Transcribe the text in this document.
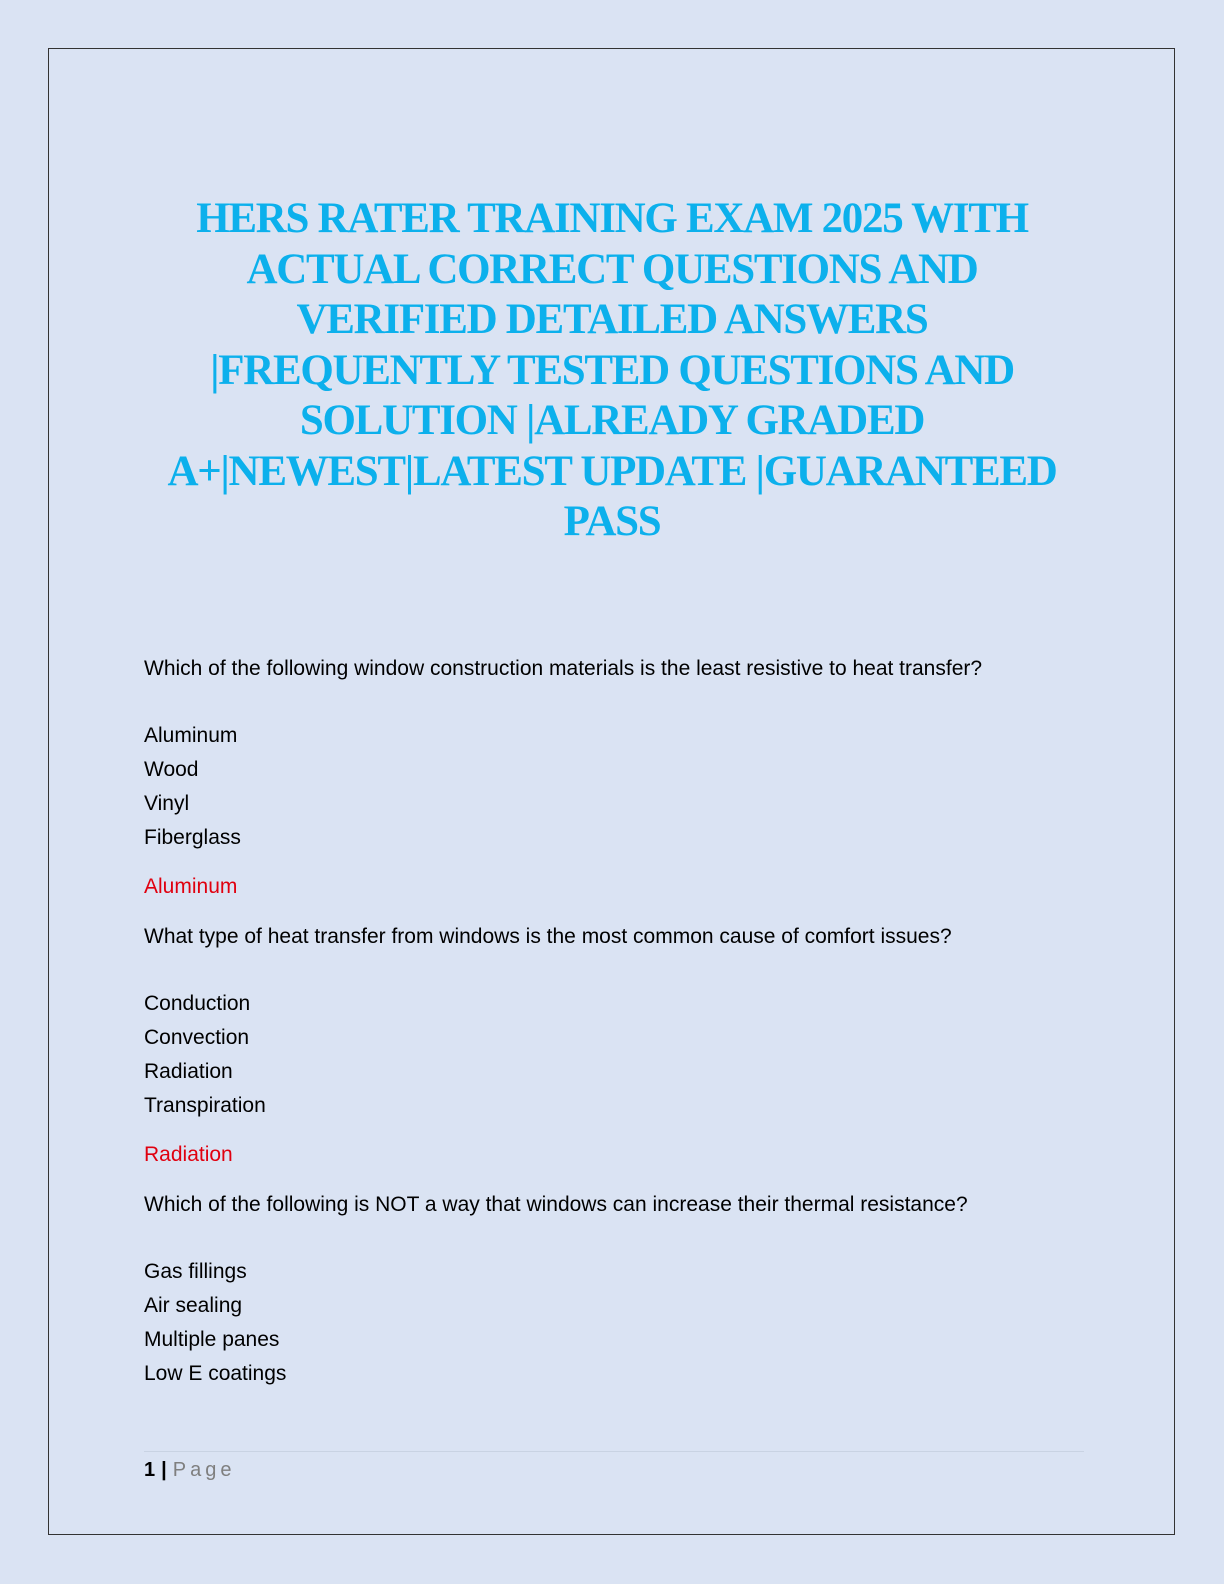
HERS RATER TRAINING EXAM 2025 WITH
ACTUAL CORRECT QUESTIONS AND
VERIFIED DETAILED ANSWERS
|FREQUENTLY TESTED QUESTIONS AND
SOLUTION |ALREADY GRADED
A+|NEWEST|LATEST UPDATE |GUARANTEED
PASS

Which of the following window construction materials is the least resistive to heat transfer?

Aluminum
Wood
Vinyl
Fiberglass

Aluminum

What type of heat transfer from windows is the most common cause of comfort issues?

Conduction
Convection
Radiation
Transpiration

Radiation

Which of the following is NOT a way that windows can increase their thermal resistance?

Gas fillings
Air sealing
Multiple panes
Low E coatings
1 | Page
